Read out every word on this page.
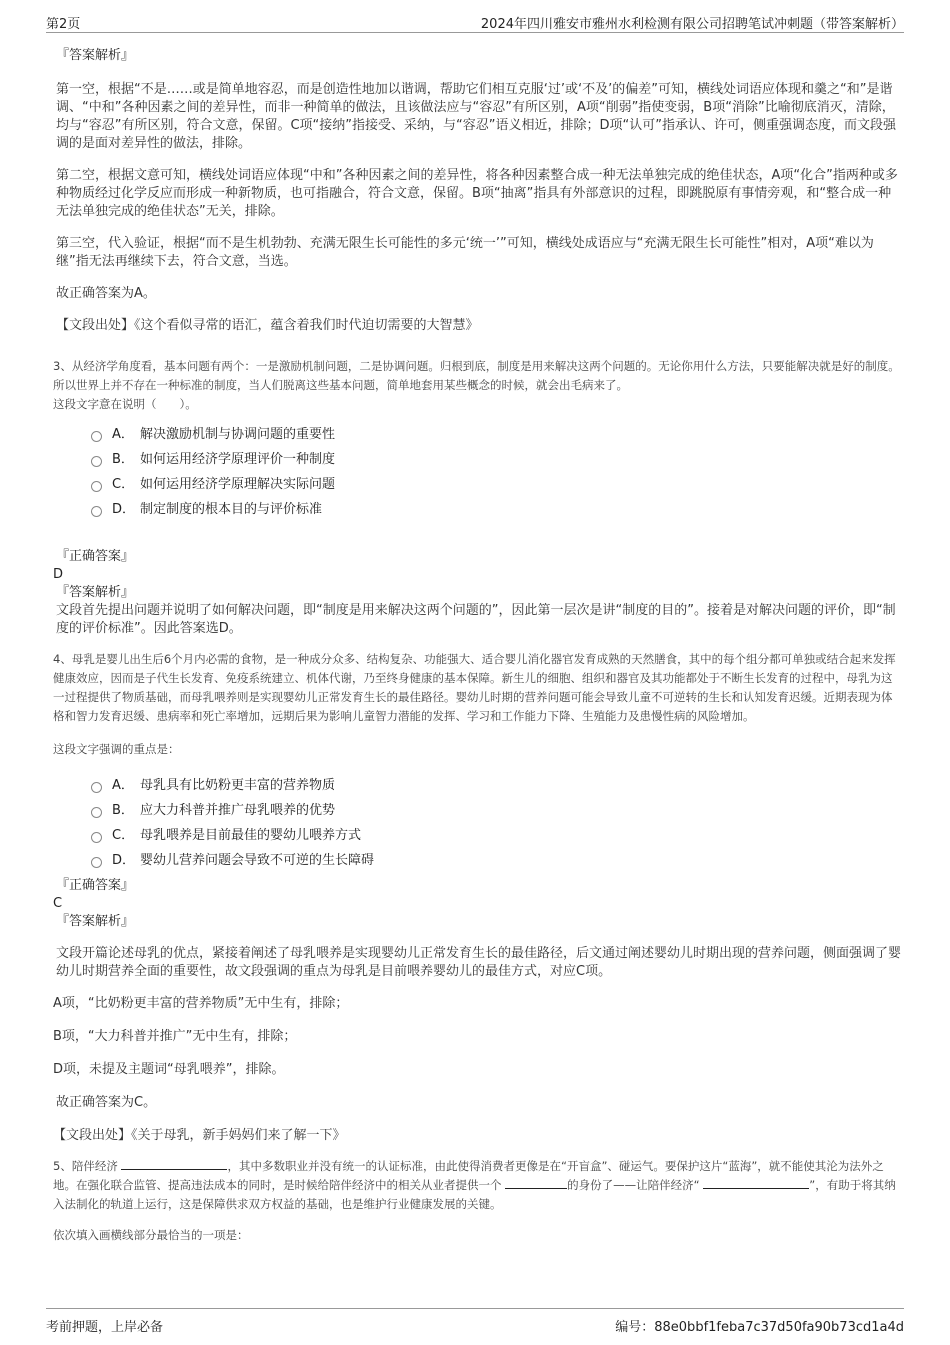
第2页	2024年四川雅安市雅州水利检测有限公司招聘笔试冲刺题（带答案解析）

『答案解析』

第一空，根据“不是……或是简单地容忍，而是创造性地加以谐调，帮助它们相互克服‘过’或‘不及’的偏差”可知，横线处词语应体现和羹之“和”是谐调、“中和”各种因素之间的差异性，而非一种简单的做法，且该做法应与“容忍”有所区别，A项“削弱”指使变弱，B项“消除”比喻彻底消灭，清除，均与“容忍”有所区别，符合文意，保留。C项“接纳”指接受、采纳，与“容忍”语义相近，排除；D项“认可”指承认、许可，侧重强调态度，而文段强调的是面对差异性的做法，排除。

第二空，根据文意可知，横线处词语应体现“中和”各种因素之间的差异性，将各种因素整合成一种无法单独完成的绝佳状态，A项“化合”指两种或多种物质经过化学反应而形成一种新物质，也可指融合，符合文意，保留。B项“抽离”指具有外部意识的过程，即跳脱原有事情旁观，和“整合成一种无法单独完成的绝佳状态”无关，排除。

第三空，代入验证，根据“而不是生机勃勃、充满无限生长可能性的多元‘统一’”可知，横线处成语应与“充满无限生长可能性”相对，A项“难以为继”指无法再继续下去，符合文意，当选。

故正确答案为A。

【文段出处】《这个看似寻常的语汇，蕴含着我们时代迫切需要的大智慧》

3、从经济学角度看，基本问题有两个：一是激励机制问题，二是协调问题。归根到底，制度是用来解决这两个问题的。无论你用什么方法，只要能解决就是好的制度。所以世界上并不存在一种标准的制度，当人们脱离这些基本问题，简单地套用某些概念的时候，就会出毛病来了。

这段文字意在说明（　　）。

A． 解决激励机制与协调问题的重要性
B． 如何运用经济学原理评价一种制度
C． 如何运用经济学原理解决实际问题
D． 制定制度的根本目的与评价标准

『正确答案』

D

『答案解析』

文段首先提出问题并说明了如何解决问题，即“制度是用来解决这两个问题的”，因此第一层次是讲“制度的目的”。接着是对解决问题的评价，即“制度的评价标准”。因此答案选D。

4、母乳是婴儿出生后6个月内必需的食物，是一种成分众多、结构复杂、功能强大、适合婴儿消化器官发育成熟的天然膳食，其中的每个组分都可单独或结合起来发挥健康效应，因而是子代生长发育、免疫系统建立、机体代谢，乃至终身健康的基本保障。新生儿的细胞、组织和器官及其功能都处于不断生长发育的过程中，母乳为这一过程提供了物质基础，而母乳喂养则是实现婴幼儿正常发育生长的最佳路径。婴幼儿时期的营养问题可能会导致儿童不可逆转的生长和认知发育迟缓。近期表现为体格和智力发育迟缓、患病率和死亡率增加，远期后果为影响儿童智力潜能的发挥、学习和工作能力下降、生殖能力及患慢性病的风险增加。

这段文字强调的重点是：

A． 母乳具有比奶粉更丰富的营养物质
B． 应大力科普并推广母乳喂养的优势
C． 母乳喂养是目前最佳的婴幼儿喂养方式
D． 婴幼儿营养问题会导致不可逆的生长障碍

『正确答案』

C

『答案解析』

文段开篇论述母乳的优点，紧接着阐述了母乳喂养是实现婴幼儿正常发育生长的最佳路径，后文通过阐述婴幼儿时期出现的营养问题，侧面强调了婴幼儿时期营养全面的重要性，故文段强调的重点为母乳是目前喂养婴幼儿的最佳方式，对应C项。

A项，“比奶粉更丰富的营养物质”无中生有，排除；

B项，“大力科普并推广”无中生有，排除；

D项，未提及主题词“母乳喂养”，排除。

故正确答案为C。

【文段出处】《关于母乳，新手妈妈们来了解一下》

5、陪伴经济	，其中多数职业并没有统一的认证标准，由此使得消费者更像是在“开盲盒”、碰运气。要保护这片“蓝海”，就不能使其沦为法外之地。在强化联合监管、提高违法成本的同时，是时候给陪伴经济中的相关从业者提供一个	的身份了——让陪伴经济“	”，有助于将其纳入法制化的轨道上运行，这是保障供求双方权益的基础，也是维护行业健康发展的关键。

依次填入画横线部分最恰当的一项是：

考前押题，上岸必备	编号：88e0bbf1feba7c37d50fa90b73cd1a4d
